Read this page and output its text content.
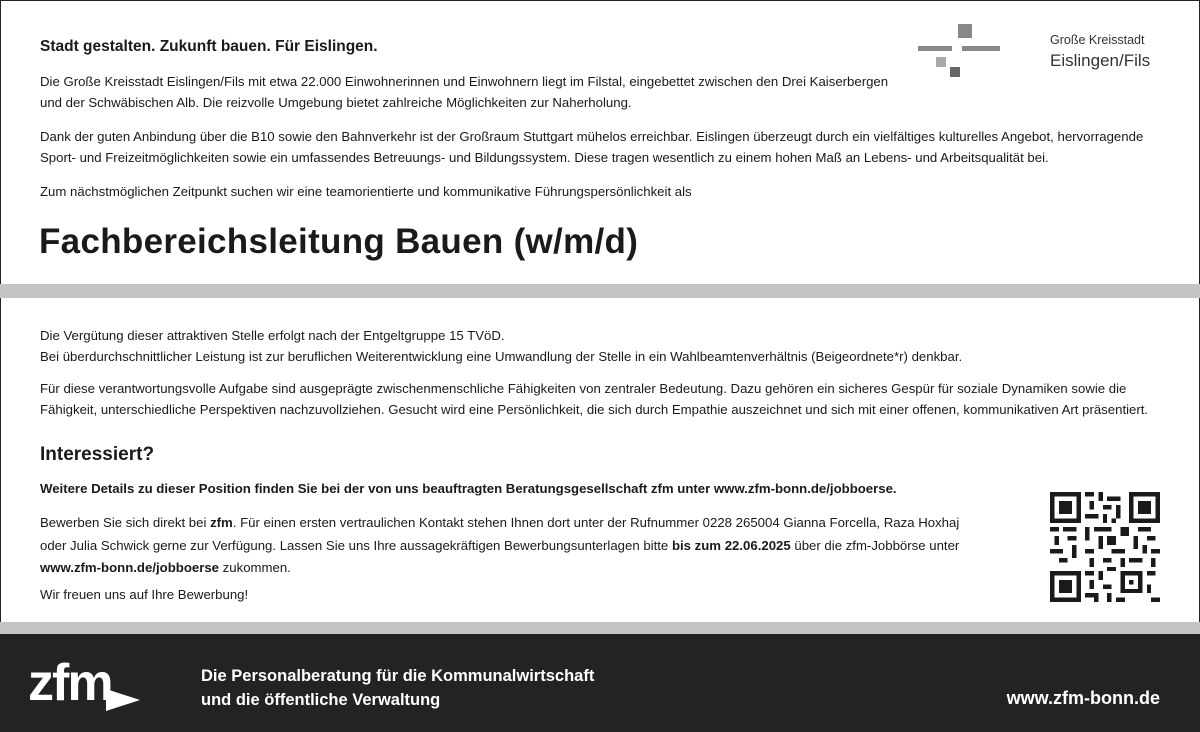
Stadt gestalten. Zukunft bauen. Für Eislingen.
Die Große Kreisstadt Eislingen/Fils mit etwa 22.000 Einwohnerinnen und Einwohnern liegt im Filstal, eingebettet zwischen den Drei Kaiserbergen und der Schwäbischen Alb. Die reizvolle Umgebung bietet zahlreiche Möglichkeiten zur Naherholung.
Dank der guten Anbindung über die B10 sowie den Bahnverkehr ist der Großraum Stuttgart mühelos erreichbar. Eislingen überzeugt durch ein vielfältiges kulturelles Angebot, hervorragende Sport- und Freizeitmöglichkeiten sowie ein umfassendes Betreuungs- und Bildungssystem. Diese tragen wesentlich zu einem hohen Maß an Lebens- und Arbeitsqualität bei.
Zum nächstmöglichen Zeitpunkt suchen wir eine teamorientierte und kommunikative Führungspersönlichkeit als
Fachbereichsleitung Bauen (w/m/d)
Große Kreisstadt
Eislingen/Fils
Die Vergütung dieser attraktiven Stelle erfolgt nach der Entgeltgruppe 15 TVöD.
Bei überdurchschnittlicher Leistung ist zur beruflichen Weiterentwicklung eine Umwandlung der Stelle in ein Wahlbeamtenverhältnis (Beigeordnete*r) denkbar.
Für diese verantwortungsvolle Aufgabe sind ausgeprägte zwischenmenschliche Fähigkeiten von zentraler Bedeutung. Dazu gehören ein sicheres Gespür für soziale Dynamiken sowie die Fähigkeit, unterschiedliche Perspektiven nachzuvollziehen. Gesucht wird eine Persönlichkeit, die sich durch Empathie auszeichnet und sich mit einer offenen, kommunikativen Art präsentiert.
Interessiert?
Weitere Details zu dieser Position finden Sie bei der von uns beauftragten Beratungsgesellschaft zfm unter www.zfm-bonn.de/jobboerse.
Bewerben Sie sich direkt bei zfm. Für einen ersten vertraulichen Kontakt stehen Ihnen dort unter der Rufnummer 0228 265004 Gianna Forcella, Raza Hoxhaj oder Julia Schwick gerne zur Verfügung. Lassen Sie uns Ihre aussagekräftigen Bewerbungsunterlagen bitte bis zum 22.06.2025 über die zfm-Jobbörse unter www.zfm-bonn.de/jobboerse zukommen.
Wir freuen uns auf Ihre Bewerbung!
zfm	Die Personalberatung für die Kommunalwirtschaft
und die öffentliche Verwaltung	www.zfm-bonn.de
